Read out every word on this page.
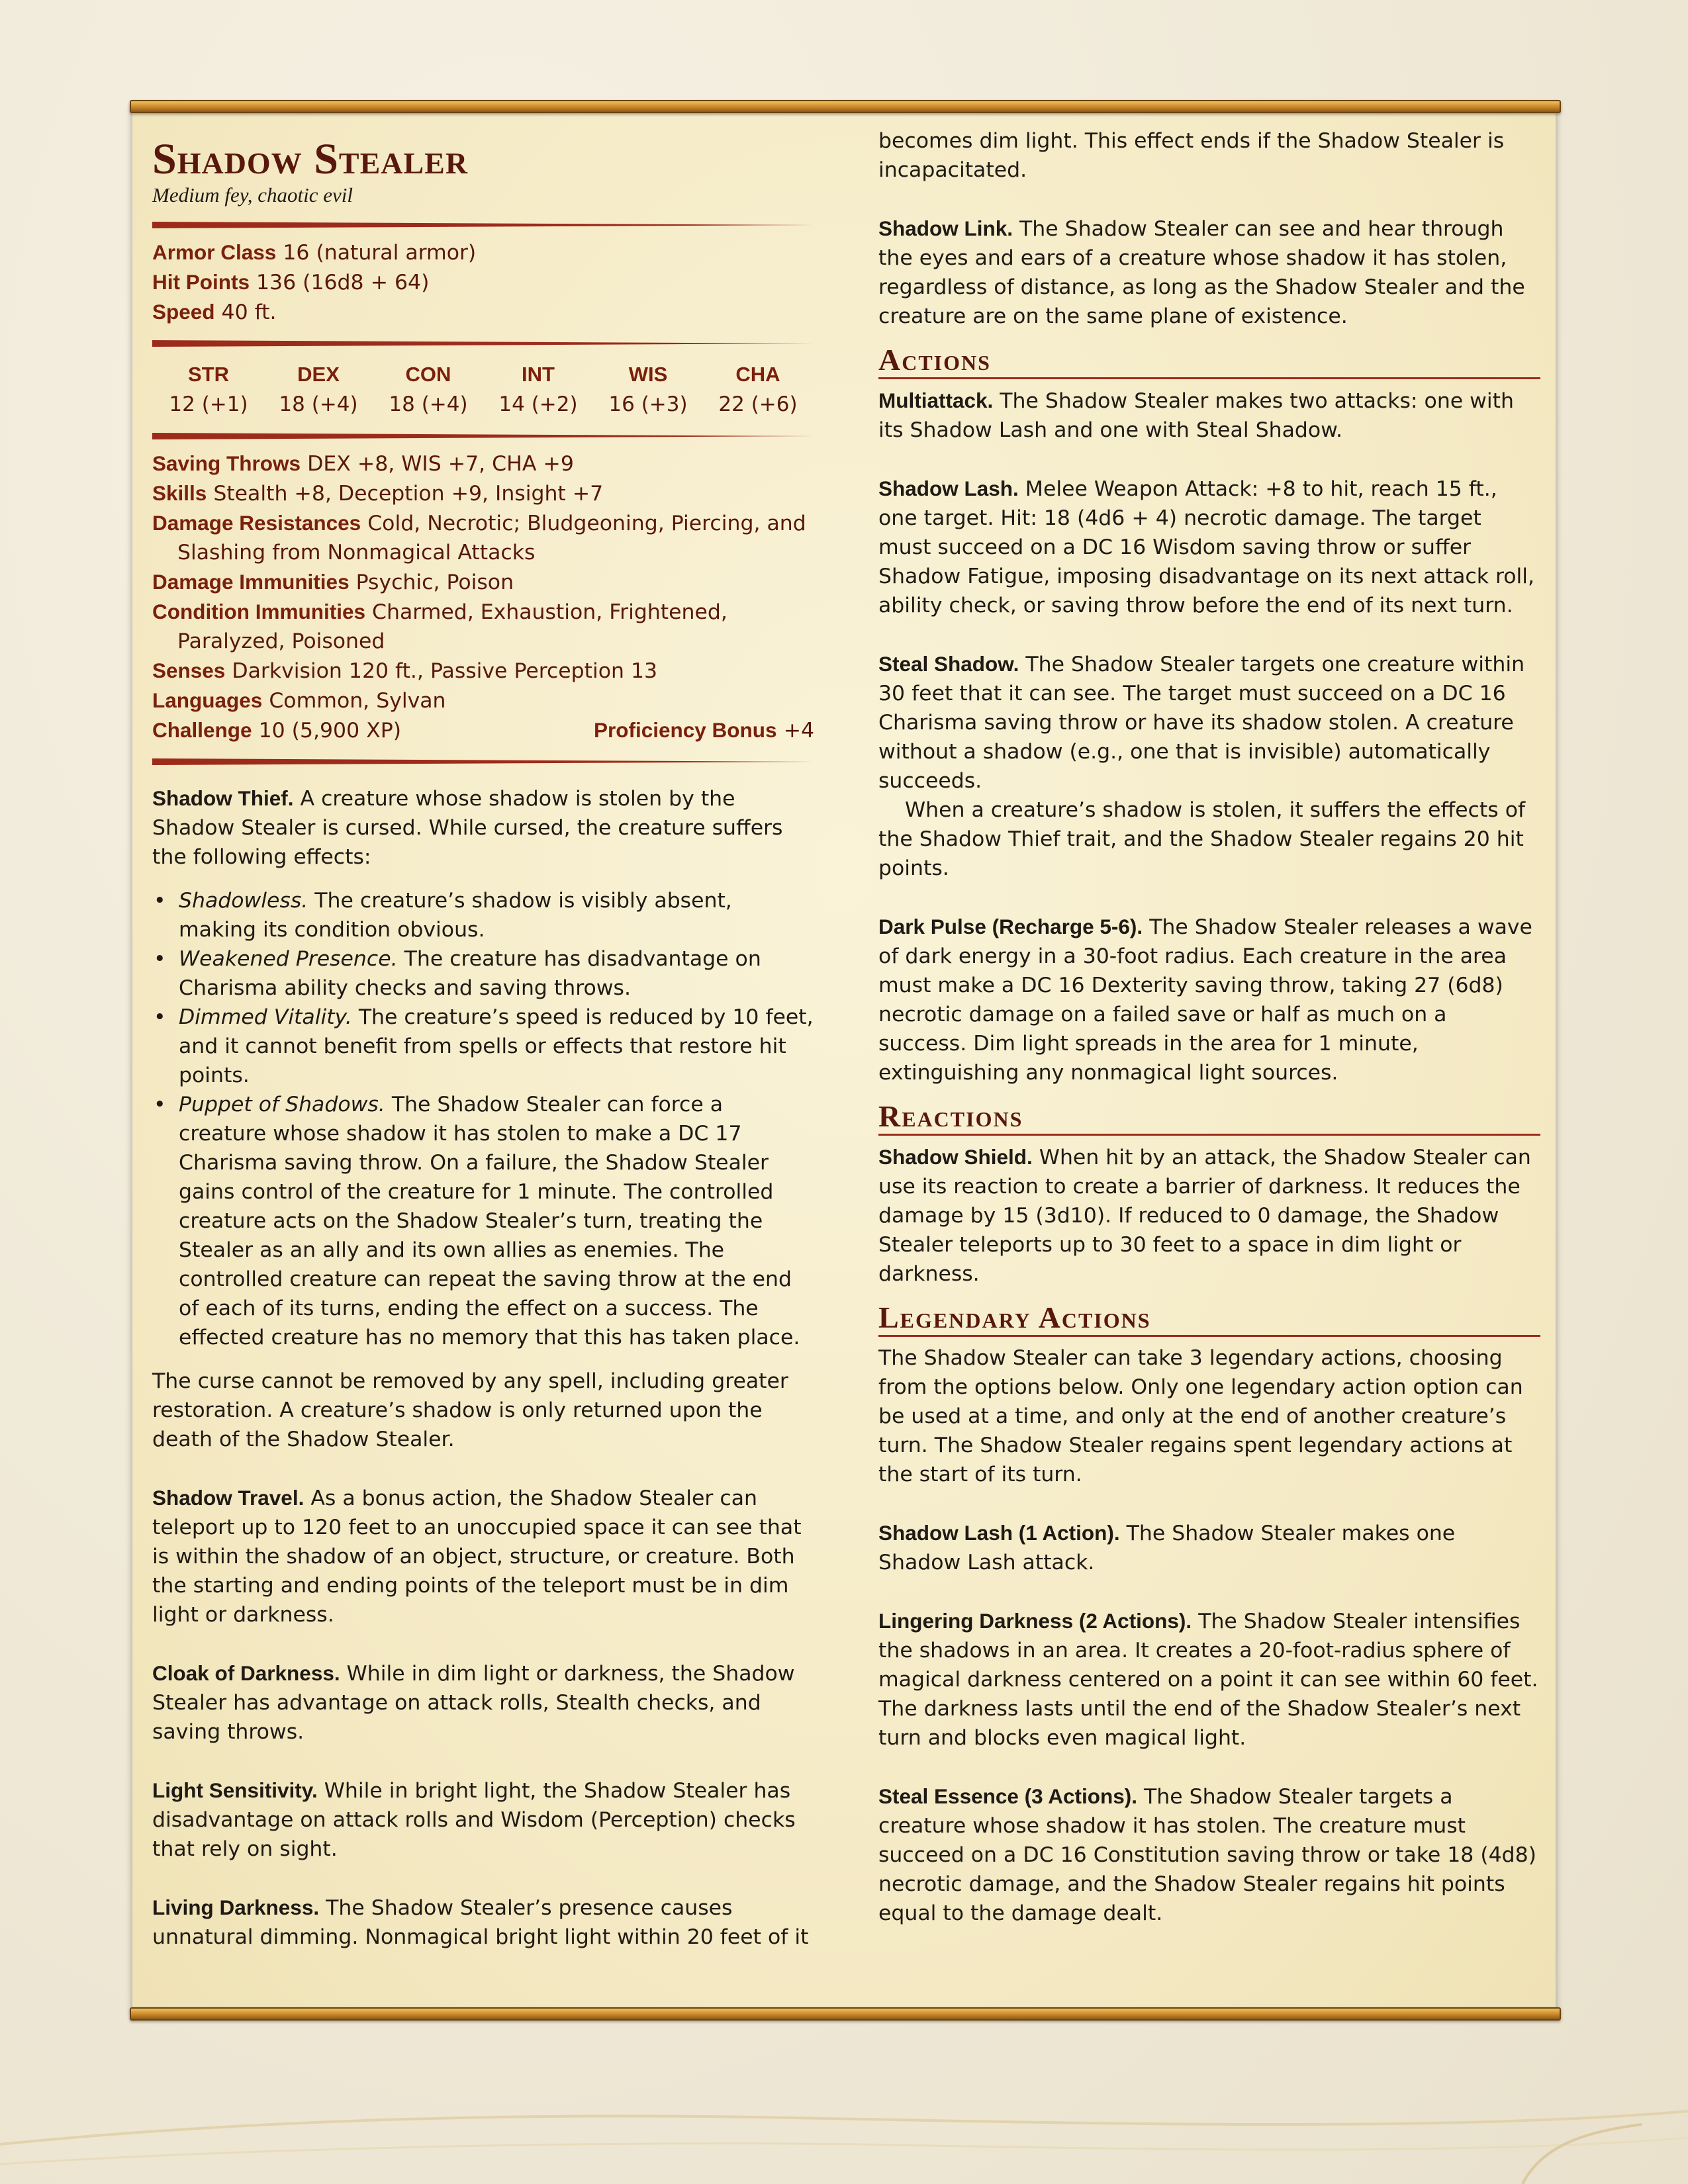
Shadow Stealer
Medium fey, chaotic evil
Armor Class 16 (natural armor)
Hit Points 136 (16d8 + 64)
Speed 40 ft.
STR
12 (+1)
DEX
18 (+4)
CON
18 (+4)
INT
14 (+2)
WIS
16 (+3)
CHA
22 (+6)
Saving Throws DEX +8, WIS +7, CHA +9
Skills Stealth +8, Deception +9, Insight +7
Damage Resistances Cold, Necrotic; Bludgeoning, Piercing, and Slashing from Nonmagical Attacks
Damage Immunities Psychic, Poison
Condition Immunities Charmed, Exhaustion, Frightened, Paralyzed, Poisoned
Senses Darkvision 120 ft., Passive Perception 13
Languages Common, Sylvan
Challenge 10 (5,900 XP)	Proficiency Bonus +4

Shadow Thief. A creature whose shadow is stolen by the Shadow Stealer is cursed. While cursed, the creature suffers the following effects:

• Shadowless. The creature’s shadow is visibly absent, making its condition obvious.
• Weakened Presence. The creature has disadvantage on Charisma ability checks and saving throws.
• Dimmed Vitality. The creature’s speed is reduced by 10 feet, and it cannot benefit from spells or effects that restore hit points.
• Puppet of Shadows. The Shadow Stealer can force a creature whose shadow it has stolen to make a DC 17 Charisma saving throw. On a failure, the Shadow Stealer gains control of the creature for 1 minute. The controlled creature acts on the Shadow Stealer’s turn, treating the Stealer as an ally and its own allies as enemies. The controlled creature can repeat the saving throw at the end of each of its turns, ending the effect on a success. The effected creature has no memory that this has taken place.

The curse cannot be removed by any spell, including greater restoration. A creature’s shadow is only returned upon the death of the Shadow Stealer.

Shadow Travel. As a bonus action, the Shadow Stealer can teleport up to 120 feet to an unoccupied space it can see that is within the shadow of an object, structure, or creature. Both the starting and ending points of the teleport must be in dim light or darkness.

Cloak of Darkness. While in dim light or darkness, the Shadow Stealer has advantage on attack rolls, Stealth checks, and saving throws.

Light Sensitivity. While in bright light, the Shadow Stealer has disadvantage on attack rolls and Wisdom (Perception) checks that rely on sight.

Living Darkness. The Shadow Stealer’s presence causes unnatural dimming. Nonmagical bright light within 20 feet of it

becomes dim light. This effect ends if the Shadow Stealer is incapacitated.

Shadow Link. The Shadow Stealer can see and hear through the eyes and ears of a creature whose shadow it has stolen, regardless of distance, as long as the Shadow Stealer and the creature are on the same plane of existence.

Actions

Multiattack. The Shadow Stealer makes two attacks: one with its Shadow Lash and one with Steal Shadow.

Shadow Lash. Melee Weapon Attack: +8 to hit, reach 15 ft., one target. Hit: 18 (4d6 + 4) necrotic damage. The target must succeed on a DC 16 Wisdom saving throw or suffer Shadow Fatigue, imposing disadvantage on its next attack roll, ability check, or saving throw before the end of its next turn.

Steal Shadow. The Shadow Stealer targets one creature within 30 feet that it can see. The target must succeed on a DC 16 Charisma saving throw or have its shadow stolen. A creature without a shadow (e.g., one that is invisible) automatically succeeds.

When a creature’s shadow is stolen, it suffers the effects of the Shadow Thief trait, and the Shadow Stealer regains 20 hit points.

Dark Pulse (Recharge 5-6). The Shadow Stealer releases a wave of dark energy in a 30-foot radius. Each creature in the area must make a DC 16 Dexterity saving throw, taking 27 (6d8) necrotic damage on a failed save or half as much on a success. Dim light spreads in the area for 1 minute, extinguishing any nonmagical light sources.

Reactions

Shadow Shield. When hit by an attack, the Shadow Stealer can use its reaction to create a barrier of darkness. It reduces the damage by 15 (3d10). If reduced to 0 damage, the Shadow Stealer teleports up to 30 feet to a space in dim light or darkness.

Legendary Actions

The Shadow Stealer can take 3 legendary actions, choosing from the options below. Only one legendary action option can be used at a time, and only at the end of another creature’s turn. The Shadow Stealer regains spent legendary actions at the start of its turn.

Shadow Lash (1 Action). The Shadow Stealer makes one Shadow Lash attack.

Lingering Darkness (2 Actions). The Shadow Stealer intensifies the shadows in an area. It creates a 20-foot-radius sphere of magical darkness centered on a point it can see within 60 feet. The darkness lasts until the end of the Shadow Stealer’s next turn and blocks even magical light.

Steal Essence (3 Actions). The Shadow Stealer targets a creature whose shadow it has stolen. The creature must succeed on a DC 16 Constitution saving throw or take 18 (4d8) necrotic damage, and the Shadow Stealer regains hit points equal to the damage dealt.
